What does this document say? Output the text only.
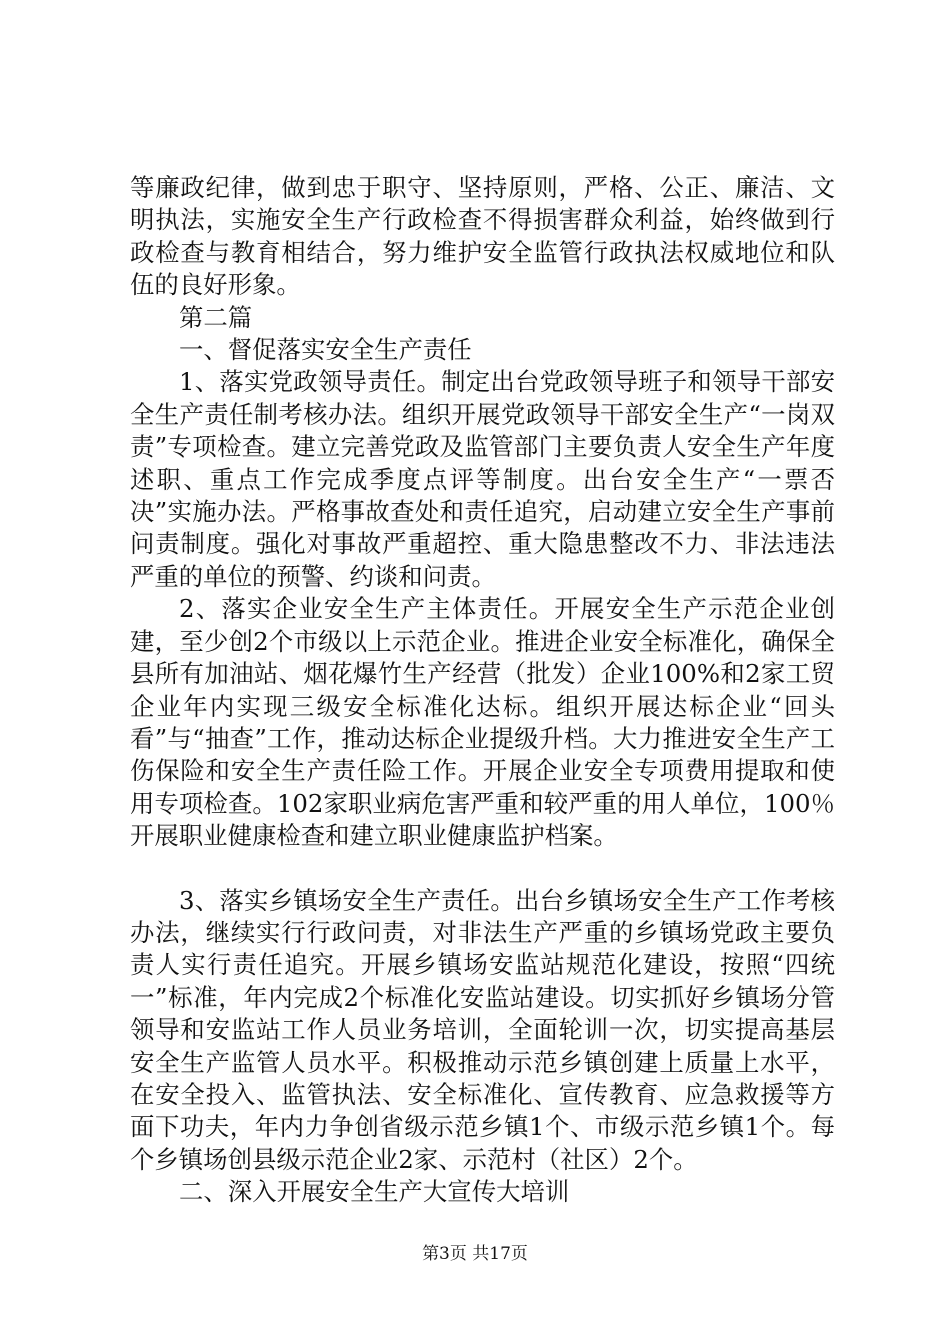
等廉政纪律，做到忠于职守、坚持原则，严格、公正、廉洁、文明执法，实施安全生产行政检查不得损害群众利益，始终做到行政检查与教育相结合，努力维护安全监管行政执法权威地位和队伍的良好形象。

第二篇

一、督促落实安全生产责任

1、落实党政领导责任。制定出台党政领导班子和领导干部安全生产责任制考核办法。组织开展党政领导干部安全生产“一岗双责”专项检查。建立完善党政及监管部门主要负责人安全生产年度述职、重点工作完成季度点评等制度。出台安全生产“一票否决”实施办法。严格事故查处和责任追究，启动建立安全生产事前问责制度。强化对事故严重超控、重大隐患整改不力、非法违法严重的单位的预警、约谈和问责。

2、落实企业安全生产主体责任。开展安全生产示范企业创建，至少创2个市级以上示范企业。推进企业安全标准化，确保全县所有加油站、烟花爆竹生产经营（批发）企业100%和2家工贸企业年内实现三级安全标准化达标。组织开展达标企业“回头看”与“抽查”工作，推动达标企业提级升档。大力推进安全生产工伤保险和安全生产责任险工作。开展企业安全专项费用提取和使用专项检查。102家职业病危害严重和较严重的用人单位，100％开展职业健康检查和建立职业健康监护档案。

3、落实乡镇场安全生产责任。出台乡镇场安全生产工作考核办法，继续实行行政问责，对非法生产严重的乡镇场党政主要负责人实行责任追究。开展乡镇场安监站规范化建设，按照“四统一”标准，年内完成2个标准化安监站建设。切实抓好乡镇场分管领导和安监站工作人员业务培训，全面轮训一次，切实提高基层安全生产监管人员水平。积极推动示范乡镇创建上质量上水平，在安全投入、监管执法、安全标准化、宣传教育、应急救援等方面下功夫，年内力争创省级示范乡镇1个、市级示范乡镇1个。每个乡镇场创县级示范企业2家、示范村（社区）2个。

二、深入开展安全生产大宣传大培训

第3页 共17页
